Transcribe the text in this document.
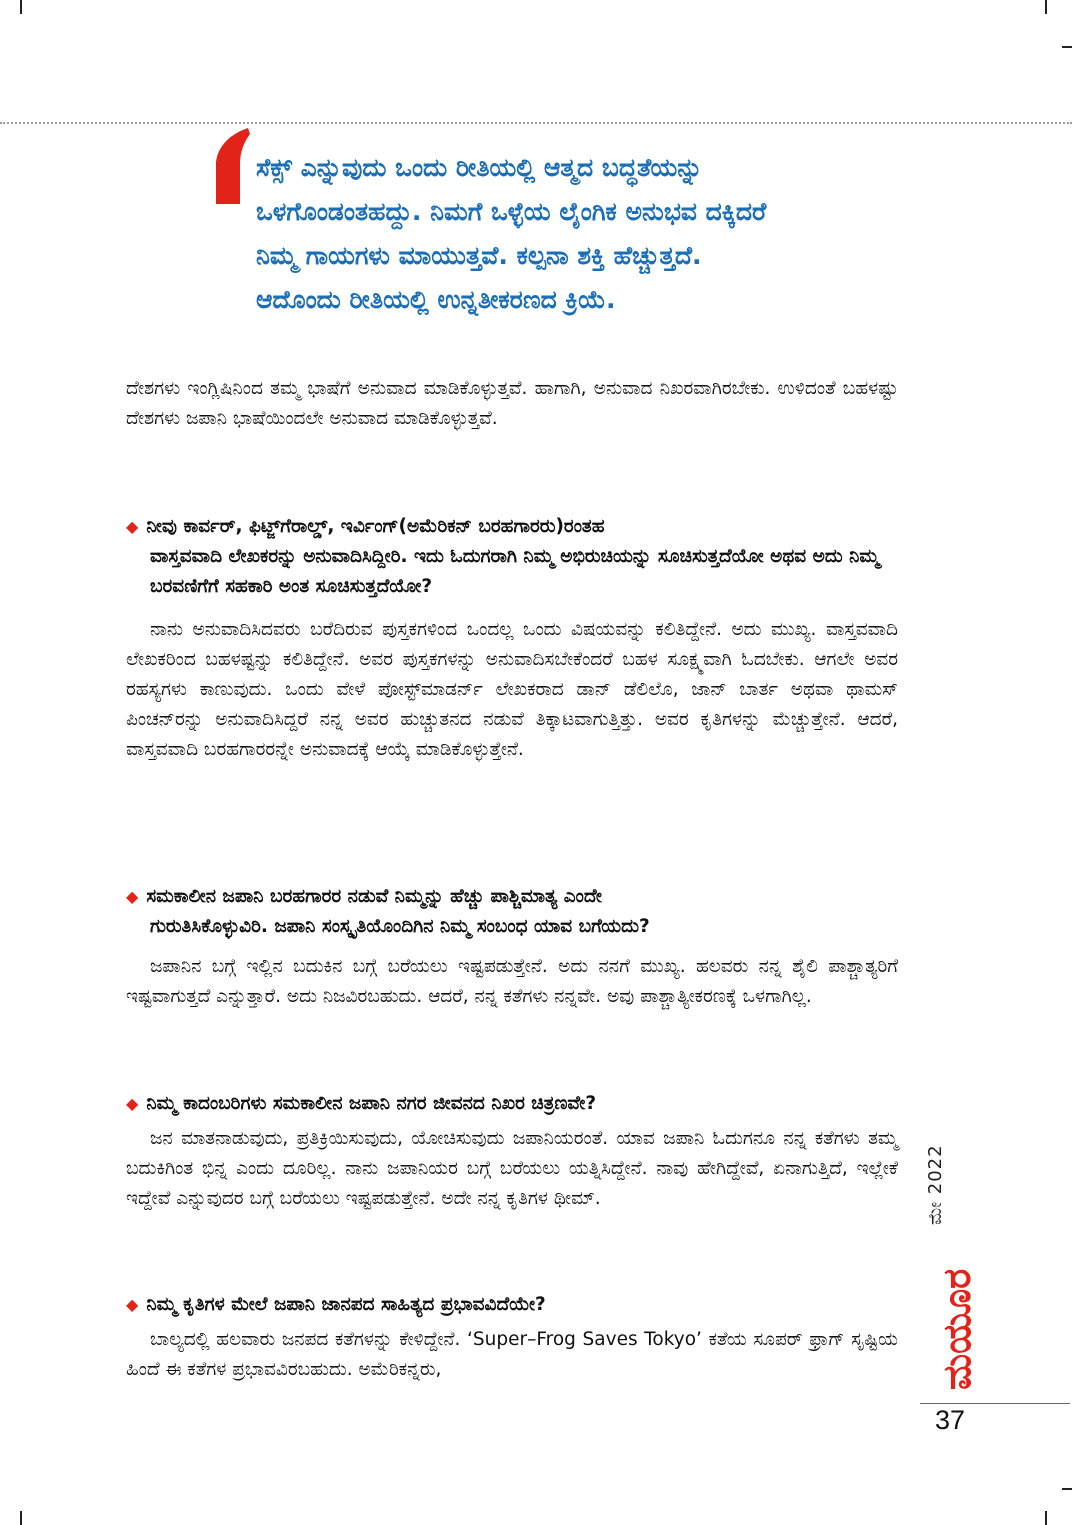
ಸೆಕ್ಸ್ ಎನ್ನುವುದು ಒಂದು ರೀತಿಯಲ್ಲಿ ಆತ್ಮದ ಬದ್ಧತೆಯನ್ನು
ಒಳಗೊಂಡಂತಹದ್ದು. ನಿಮಗೆ ಒಳ್ಳೆಯ ಲೈಂಗಿಕ ಅನುಭವ ದಕ್ಕಿದರೆ
ನಿಮ್ಮ ಗಾಯಗಳು ಮಾಯುತ್ತವೆ. ಕಲ್ಪನಾ ಶಕ್ತಿ ಹೆಚ್ಚುತ್ತದೆ.
ಆದೊಂದು ರೀತಿಯಲ್ಲಿ ಉನ್ನತೀಕರಣದ ಕ್ರಿಯೆ.

ದೇಶಗಳು ಇಂಗ್ಲಿಷಿನಿಂದ ತಮ್ಮ ಭಾಷೆಗೆ ಅನುವಾದ ಮಾಡಿಕೊಳ್ಳುತ್ತವೆ. ಹಾಗಾಗಿ, ಅನುವಾದ ನಿಖರವಾಗಿರಬೇಕು. ಉಳಿದಂತೆ ಬಹಳಷ್ಟು ದೇಶಗಳು ಜಪಾನಿ ಭಾಷೆಯಿಂದಲೇ ಅನುವಾದ ಮಾಡಿಕೊಳ್ಳುತ್ತವೆ.

◆ ನೀವು ಕಾರ್ವರ್, ಫಿಟ್ಜ್‌ಗೆರಾಲ್ಡ್, ಇರ್ವಿಂಗ್(ಅಮೆರಿಕನ್ ಬರಹಗಾರರು)ರಂತಹ
ವಾಸ್ತವವಾದಿ ಲೇಖಕರನ್ನು ಅನುವಾದಿಸಿದ್ದೀರಿ. ಇದು ಓದುಗರಾಗಿ ನಿಮ್ಮ ಅಭಿರುಚಿಯನ್ನು ಸೂಚಿಸುತ್ತದೆಯೋ ಅಥವ ಅದು ನಿಮ್ಮ ಬರವಣಿಗೆಗೆ ಸಹಕಾರಿ ಅಂತ ಸೂಚಿಸುತ್ತದೆಯೋ?

ನಾನು ಅನುವಾದಿಸಿದವರು ಬರೆದಿರುವ ಪುಸ್ತಕಗಳಿಂದ ಒಂದಲ್ಲ ಒಂದು ವಿಷಯವನ್ನು ಕಲಿತಿದ್ದೇನೆ. ಅದು ಮುಖ್ಯ. ವಾಸ್ತವವಾದಿ ಲೇಖಕರಿಂದ ಬಹಳಷ್ಟನ್ನು ಕಲಿತಿದ್ದೇನೆ. ಅವರ ಪುಸ್ತಕಗಳನ್ನು ಅನುವಾದಿಸಬೇಕೆಂದರೆ ಬಹಳ ಸೂಕ್ಷ್ಮವಾಗಿ ಓದಬೇಕು. ಆಗಲೇ ಅವರ ರಹಸ್ಯಗಳು ಕಾಣುವುದು. ಒಂದು ವೇಳೆ ಪೋಸ್ಟ್‌ಮಾಡರ್ನ್ ಲೇಖಕರಾದ ಡಾನ್ ಡೆಲಿಲೊ, ಜಾನ್ ಬಾರ್ತ ಅಥವಾ ಥಾಮಸ್ ಪಿಂಚನ್‌ರನ್ನು ಅನುವಾದಿಸಿದ್ದರೆ ನನ್ನ ಅವರ ಹುಚ್ಚುತನದ ನಡುವೆ ತಿಕ್ಕಾಟವಾಗುತ್ತಿತ್ತು. ಅವರ ಕೃತಿಗಳನ್ನು ಮೆಚ್ಚುತ್ತೇನೆ. ಆದರೆ, ವಾಸ್ತವವಾದಿ ಬರಹಗಾರರನ್ನೇ ಅನುವಾದಕ್ಕೆ ಆಯ್ಕೆ ಮಾಡಿಕೊಳ್ಳುತ್ತೇನೆ.

◆ ಸಮಕಾಲೀನ ಜಪಾನಿ ಬರಹಗಾರರ ನಡುವೆ ನಿಮ್ಮನ್ನು ಹೆಚ್ಚು ಪಾಶ್ಚಿಮಾತ್ಯ ಎಂದೇ
ಗುರುತಿಸಿಕೊಳ್ಳುವಿರಿ. ಜಪಾನಿ ಸಂಸ್ಕೃತಿಯೊಂದಿಗಿನ ನಿಮ್ಮ ಸಂಬಂಧ ಯಾವ ಬಗೆಯದು?

ಜಪಾನಿನ ಬಗ್ಗೆ ಇಲ್ಲಿನ ಬದುಕಿನ ಬಗ್ಗೆ ಬರೆಯಲು ಇಷ್ಟಪಡುತ್ತೇನೆ. ಅದು ನನಗೆ ಮುಖ್ಯ. ಹಲವರು ನನ್ನ ಶೈಲಿ ಪಾಶ್ಚಾತ್ಯರಿಗೆ ಇಷ್ಟವಾಗುತ್ತದೆ ಎನ್ನುತ್ತಾರೆ. ಅದು ನಿಜವಿರಬಹುದು. ಆದರೆ, ನನ್ನ ಕತೆಗಳು ನನ್ನವೇ. ಅವು ಪಾಶ್ಚಾತ್ಯೀಕರಣಕ್ಕೆ ಒಳಗಾಗಿಲ್ಲ.

◆ ನಿಮ್ಮ ಕಾದಂಬರಿಗಳು ಸಮಕಾಲೀನ ಜಪಾನಿ ನಗರ ಜೀವನದ ನಿಖರ ಚಿತ್ರಣವೇ?

ಜನ ಮಾತನಾಡುವುದು, ಪ್ರತಿಕ್ರಿಯಿಸುವುದು, ಯೋಚಿಸುವುದು ಜಪಾನಿಯರಂತೆ. ಯಾವ ಜಪಾನಿ ಓದುಗನೂ ನನ್ನ ಕತೆಗಳು ತಮ್ಮ ಬದುಕಿಗಿಂತ ಭಿನ್ನ ಎಂದು ದೂರಿಲ್ಲ. ನಾನು ಜಪಾನಿಯರ ಬಗ್ಗೆ ಬರೆಯಲು ಯತ್ನಿಸಿದ್ದೇನೆ. ನಾವು ಹೇಗಿದ್ದೇವೆ, ಏನಾಗುತ್ತಿದೆ, ಇಲ್ಲೇಕೆ ಇದ್ದೇವೆ ಎನ್ನುವುದರ ಬಗ್ಗೆ ಬರೆಯಲು ಇಷ್ಟಪಡುತ್ತೇನೆ. ಅದೇ ನನ್ನ ಕೃತಿಗಳ ಥೀಮ್.

◆ ನಿಮ್ಮ ಕೃತಿಗಳ ಮೇಲೆ ಜಪಾನಿ ಜಾನಪದ ಸಾಹಿತ್ಯದ ಪ್ರಭಾವವಿದೆಯೇ?

ಬಾಲ್ಯದಲ್ಲಿ ಹಲವಾರು ಜನಪದ ಕತೆಗಳನ್ನು ಕೇಳಿದ್ದೇನೆ. ‘Super–Frog Saves Tokyo’ ಕತೆಯ ಸೂಪರ್ ಫ್ರಾಗ್ ಸೃಷ್ಟಿಯ ಹಿಂದೆ ಈ ಕತೆಗಳ ಪ್ರಭಾವವಿರಬಹುದು. ಅಮೆರಿಕನ್ನರು,

ಮೇ 2022
ಮಯೂರ
37
